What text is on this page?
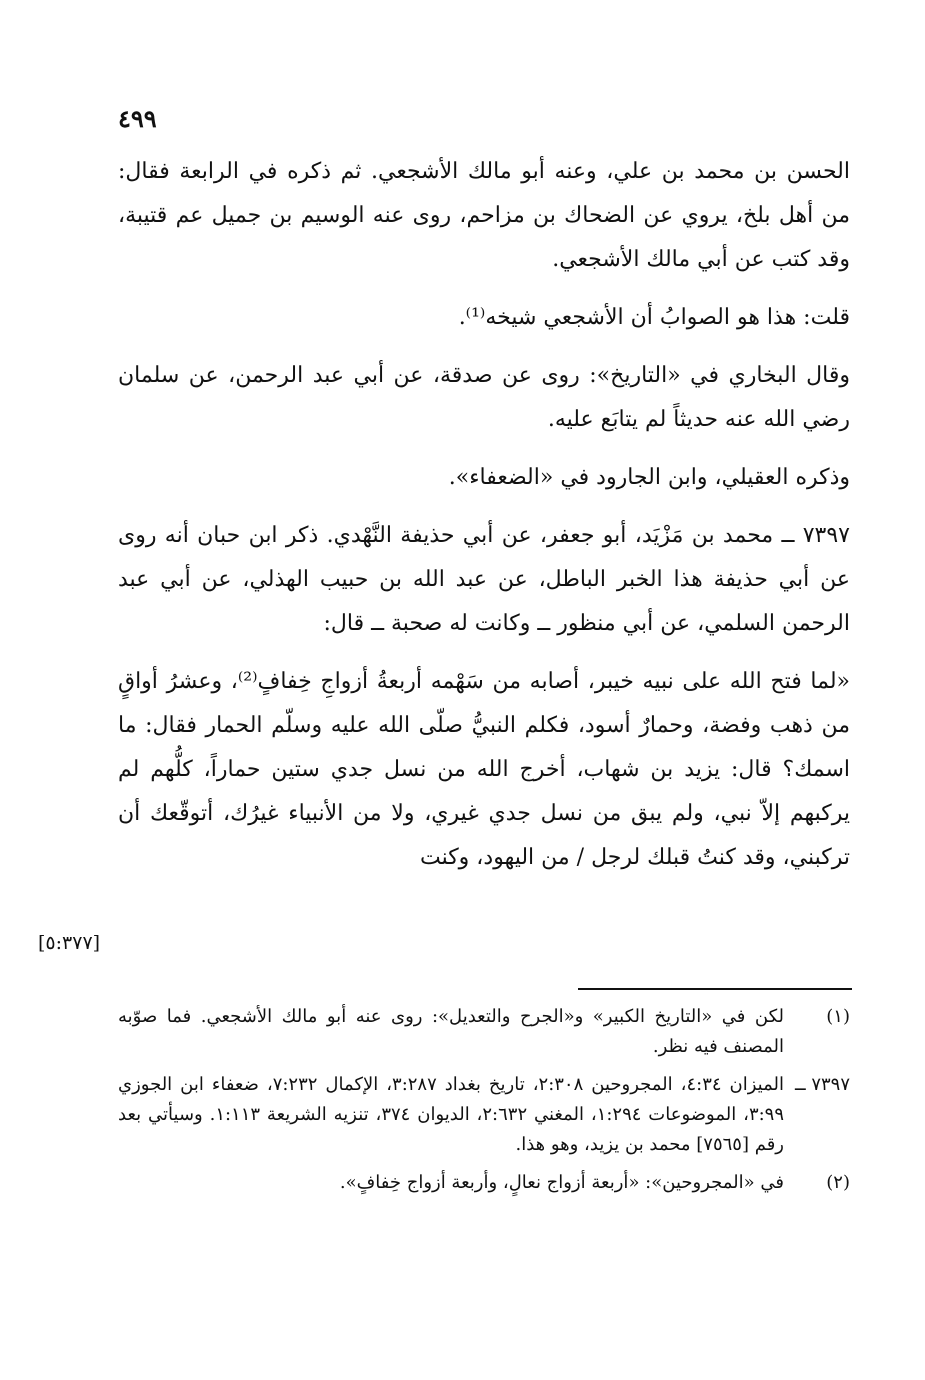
٤٩٩

الحسن بن محمد بن علي، وعنه أبو مالك الأشجعي. ثم ذكره في الرابعة فقال: من أهل بلخ، يروي عن الضحاك بن مزاحم، روى عنه الوسيم بن جميل عم قتيبة، وقد كتب عن أبي مالك الأشجعي.

قلت: هذا هو الصوابُ أن الأشجعي شيخه⁽¹⁾.

وقال البخاري في «التاريخ»: روى عن صدقة، عن أبي عبد الرحمن، عن سلمان رضي الله عنه حديثاً لم يتابَع عليه.

وذكره العقيلي، وابن الجارود في «الضعفاء».

٧٣٩٧ ــ محمد بن مَزْيَد، أبو جعفر، عن أبي حذيفة النَّهْدي. ذكر ابن حبان أنه روى عن أبي حذيفة هذا الخبر الباطل، عن عبد الله بن حبيب الهذلي، عن أبي عبد الرحمن السلمي، عن أبي منظور ــ وكانت له صحبة ــ قال:

«لما فتح الله على نبيه خيبر، أصابه من سَهْمه أربعةُ أزواجِ خِفافٍ⁽²⁾، وعشرُ أواقٍ من ذهب وفضة، وحمارٌ أسود، فكلم النبيُّ صلّى الله عليه وسلّم الحمار فقال: ما اسمك؟ قال: يزيد بن شهاب، أخرج الله من نسل جدي ستين حماراً، كلُّهم لم يركبهم إلاّ نبي، ولم يبق من نسل جدي غيري، ولا من الأنبياء غيرُك، أتوقّعك أن تركبني، وقد كنتُ قبلك لرجل / من اليهود، وكنت

[٥:٣٧٧]
(١)
لكن في «التاريخ الكبير» و«الجرح والتعديل»: روى عنه أبو مالك الأشجعي. فما صوّبه المصنف فيه نظر.
٧٣٩٧ ــ
الميزان ٤:٣٤، المجروحين ٢:٣٠٨، تاريخ بغداد ٣:٢٨٧، الإكمال ٧:٢٣٢، ضعفاء ابن الجوزي ٣:٩٩، الموضوعات ١:٢٩٤، المغني ٢:٦٣٢، الديوان ٣٧٤، تنزيه الشريعة ١:١١٣. وسيأتي بعد رقم [٧٥٦٥] محمد بن يزيد، وهو هذا.
(٢)
في «المجروحين»: «أربعة أزواج نعالٍ، وأربعة أزواج خِفافٍ».
